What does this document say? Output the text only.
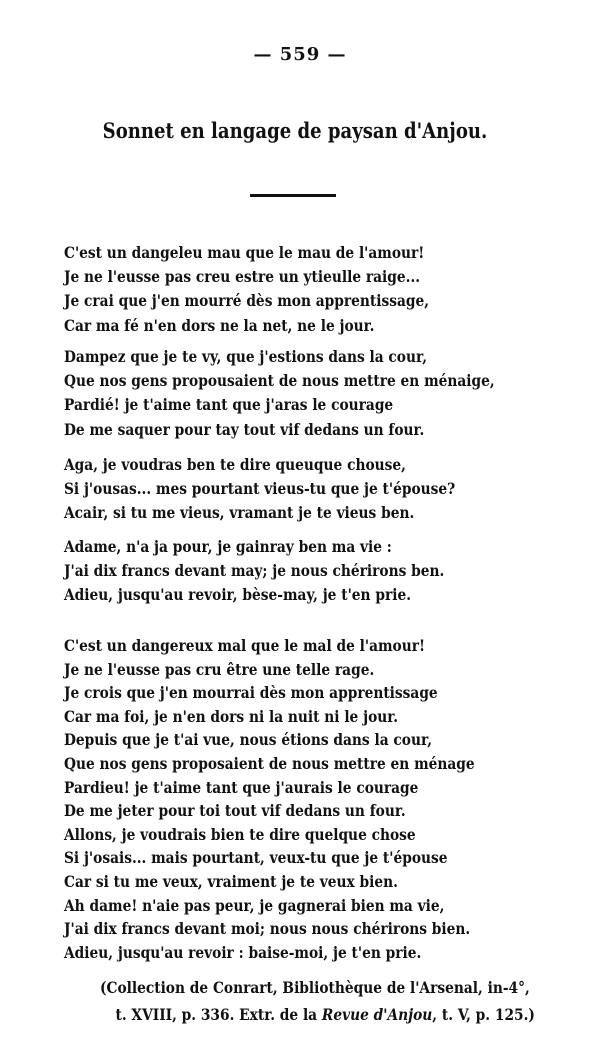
— 559 —
Sonnet en langage de paysan d'Anjou.
C'est un dangeleu mau que le mau de l'amour!
Je ne l'eusse pas creu estre un ytieulle raige...
Je crai que j'en mourré dès mon apprentissage,
Car ma fé n'en dors ne la net, ne le jour.
Dampez que je te vy, que j'estions dans la cour,
Que nos gens propousaient de nous mettre en ménaige,
Pardié! je t'aime tant que j'aras le courage
De me saquer pour tay tout vif dedans un four.
Aga, je voudras ben te dire queuque chouse,
Si j'ousas... mes pourtant vieus-tu que je t'épouse?
Acair, si tu me vieus, vramant je te vieus ben.
Adame, n'a ja pour, je gainray ben ma vie :
J'ai dix francs devant may; je nous chérirons ben.
Adieu, jusqu'au revoir, bèse-may, je t'en prie.
C'est un dangereux mal que le mal de l'amour!
Je ne l'eusse pas cru être une telle rage.
Je crois que j'en mourrai dès mon apprentissage
Car ma foi, je n'en dors ni la nuit ni le jour.
Depuis que je t'ai vue, nous étions dans la cour,
Que nos gens proposaient de nous mettre en ménage
Pardieu! je t'aime tant que j'aurais le courage
De me jeter pour toi tout vif dedans un four.
Allons, je voudrais bien te dire quelque chose
Si j'osais... mais pourtant, veux-tu que je t'épouse
Car si tu me veux, vraiment je te veux bien.
Ah dame! n'aie pas peur, je gagnerai bien ma vie,
J'ai dix francs devant moi; nous nous chérirons bien.
Adieu, jusqu'au revoir : baise-moi, je t'en prie.
(Collection de Conrart, Bibliothèque de l'Arsenal, in-4°,
t. XVIII, p. 336. Extr. de la Revue d'Anjou, t. V, p. 125.)
